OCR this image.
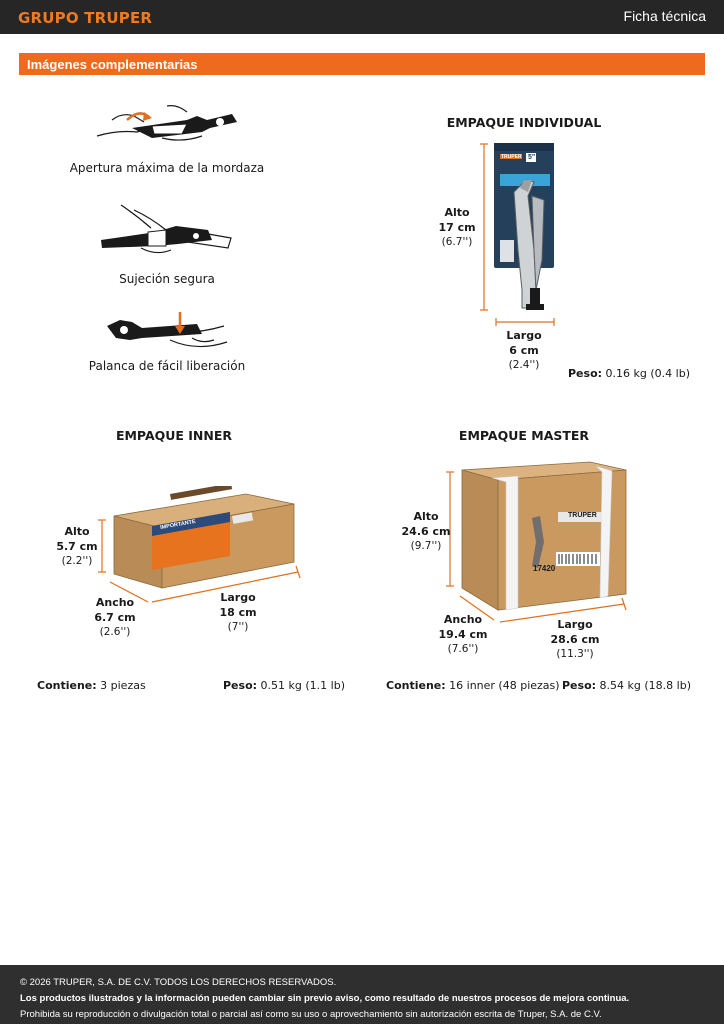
GRUPO TRUPER	Ficha técnica
Imágenes complementarias
Apertura máxima de la mordaza
Sujeción segura
Palanca de fácil liberación
EMPAQUE INDIVIDUAL
TRUPER 5"
Alto
17 cm
(6.7'')
Largo
6 cm
(2.4'')
Peso: 0.16 kg (0.4 lb)
EMPAQUE INNER
IMPORTANTE
Alto
5.7 cm
(2.2'')
Ancho
6.7 cm
(2.6'')
Largo
18 cm
(7'')
Contiene: 3 piezas	Peso: 0.51 kg (1.1 lb)
EMPAQUE MASTER
TRUPER
17420
Alto
24.6 cm
(9.7'')
Ancho
19.4 cm
(7.6'')
Largo
28.6 cm
(11.3'')
Contiene: 16 inner (48 piezas) Peso: 8.54 kg (18.8 lb)

© 2026 TRUPER, S.A. DE C.V. TODOS LOS DERECHOS RESERVADOS.

Los productos ilustrados y la información pueden cambiar sin previo aviso, como resultado de nuestros procesos de mejora continua.

Prohibida su reproducción o divulgación total o parcial así como su uso o aprovechamiento sin autorización escrita de Truper, S.A. de C.V.
